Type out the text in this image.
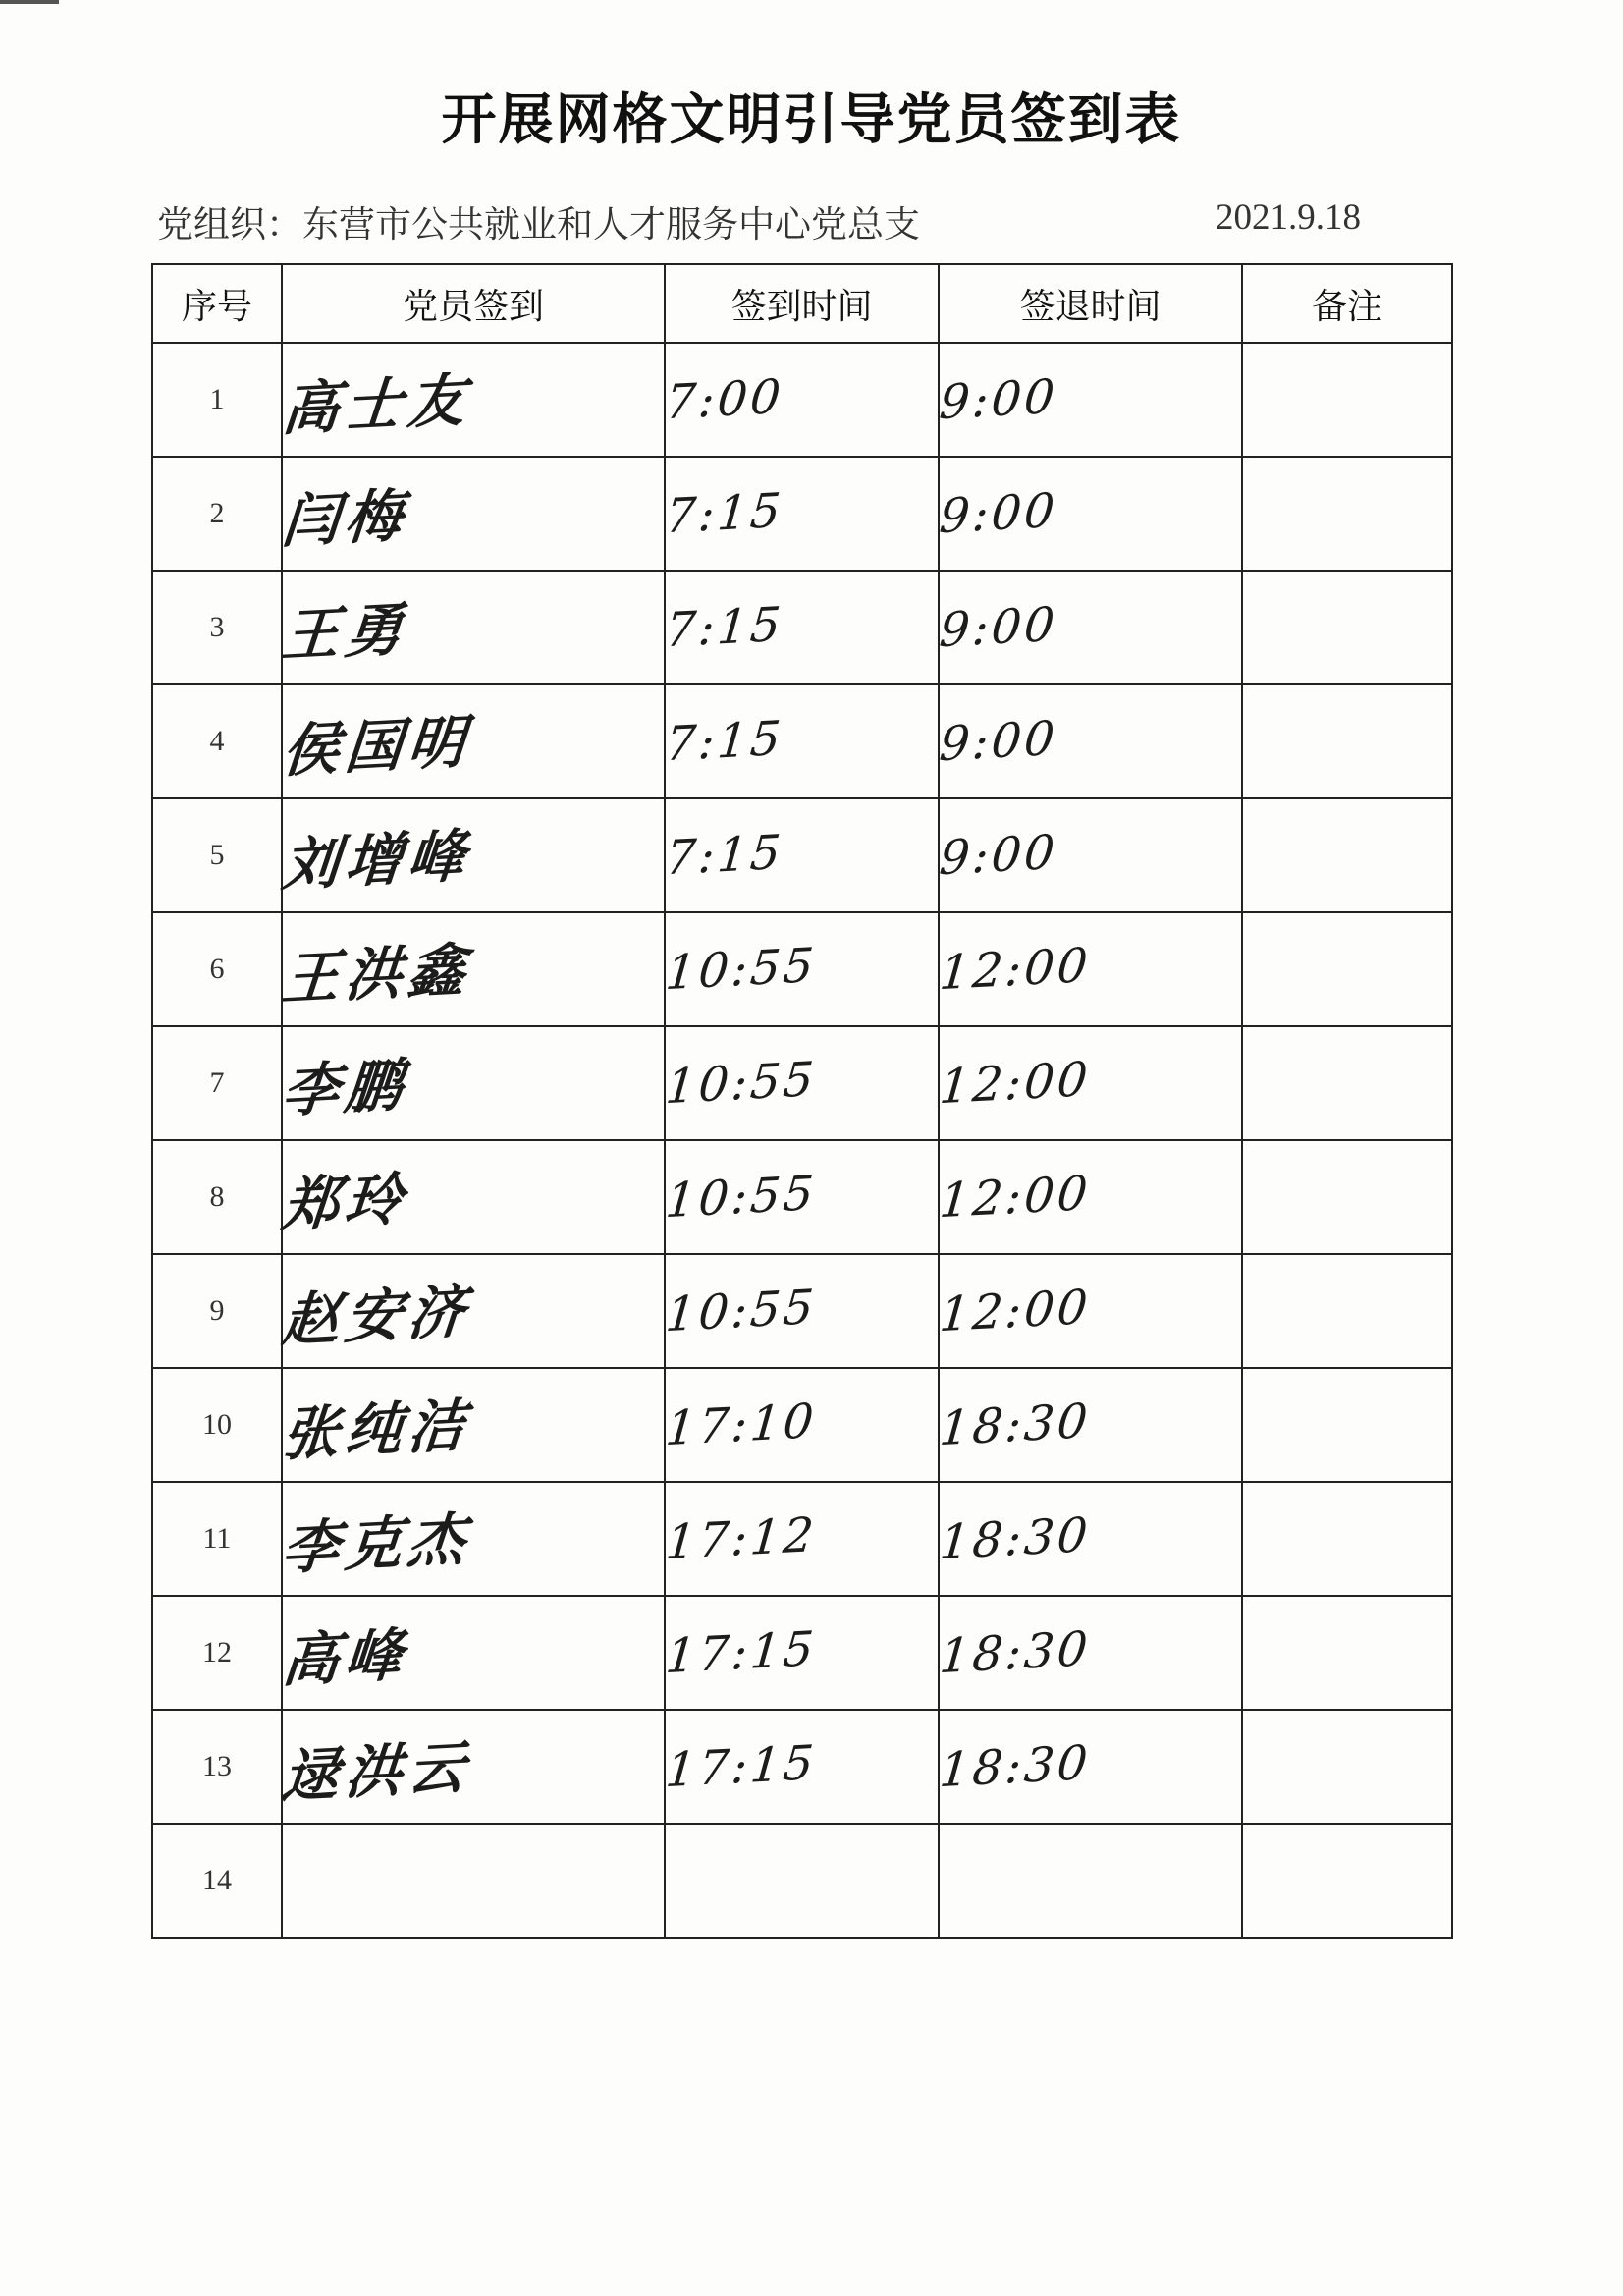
开展网格文明引导党员签到表
党组织：东营市公共就业和人才服务中心党总支	2021.9.18
序号	党员签到	签到时间	签退时间	备注
1	高士友	7:00	9:00	
2	闫梅	7:15	9:00	
3	王勇	7:15	9:00	
4	侯国明	7:15	9:00	
5	刘增峰	7:15	9:00	
6	王洪鑫	10:55	12:00	
7	李鹏	10:55	12:00	
8	郑玲	10:55	12:00	
9	赵安济	10:55	12:00	
10	张纯洁	17:10	18:30	
11	李克杰	17:12	18:30	
12	高峰	17:15	18:30	
13	逯洪云	17:15	18:30	
14				
